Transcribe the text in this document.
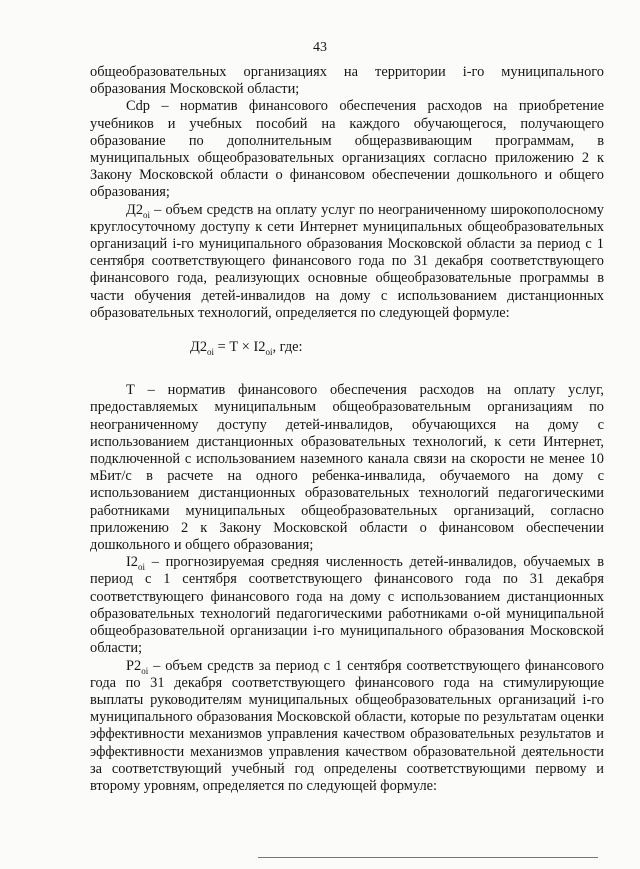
43

общеобразовательных организациях на территории i-го муниципального образования Московской области;

Cdp – норматив финансового обеспечения расходов на приобретение учебников и учебных пособий на каждого обучающегося, получающего образование по дополнительным общеразвивающим программам, в муниципальных общеобразовательных организациях согласно приложению 2 к Закону Московской области о финансовом обеспечении дошкольного и общего образования;

$Д2_{oi}$ – объем средств на оплату услуг по неограниченному широкополосному круглосуточному доступу к сети Интернет муниципальных общеобразовательных организаций i-го муниципального образования Московской области за период с 1 сентября соответствующего финансового года по 31 декабря соответствующего финансового года, реализующих основные общеобразовательные программы в части обучения детей-инвалидов на дому с использованием дистанционных образовательных технологий, определяется по следующей формуле:

$Д2_{oi} = Т \times I2_{oi}$, где:

Т – норматив финансового обеспечения расходов на оплату услуг, предоставляемых муниципальным общеобразовательным организациям по неограниченному доступу детей-инвалидов, обучающихся на дому с использованием дистанционных образовательных технологий, к сети Интернет, подключенной с использованием наземного канала связи на скорости не менее 10 мБит/с в расчете на одного ребенка-инвалида, обучаемого на дому с использованием дистанционных образовательных технологий педагогическими работниками муниципальных общеобразовательных организаций, согласно приложению 2 к Закону Московской области о финансовом обеспечении дошкольного и общего образования;

$I2_{oi}$ – прогнозируемая средняя численность детей-инвалидов, обучаемых в период с 1 сентября соответствующего финансового года по 31 декабря соответствующего финансового года на дому с использованием дистанционных образовательных технологий педагогическими работниками о-ой муниципальной общеобразовательной организации i-го муниципального образования Московской области;

$Р2_{oi}$ – объем средств за период с 1 сентября соответствующего финансового года по 31 декабря соответствующего финансового года на стимулирующие выплаты руководителям муниципальных общеобразовательных организаций i-го муниципального образования Московской области, которые по результатам оценки эффективности механизмов управления качеством образовательных результатов и эффективности механизмов управления качеством образовательной деятельности за соответствующий учебный год определены соответствующими первому и второму уровням, определяется по следующей формуле:
